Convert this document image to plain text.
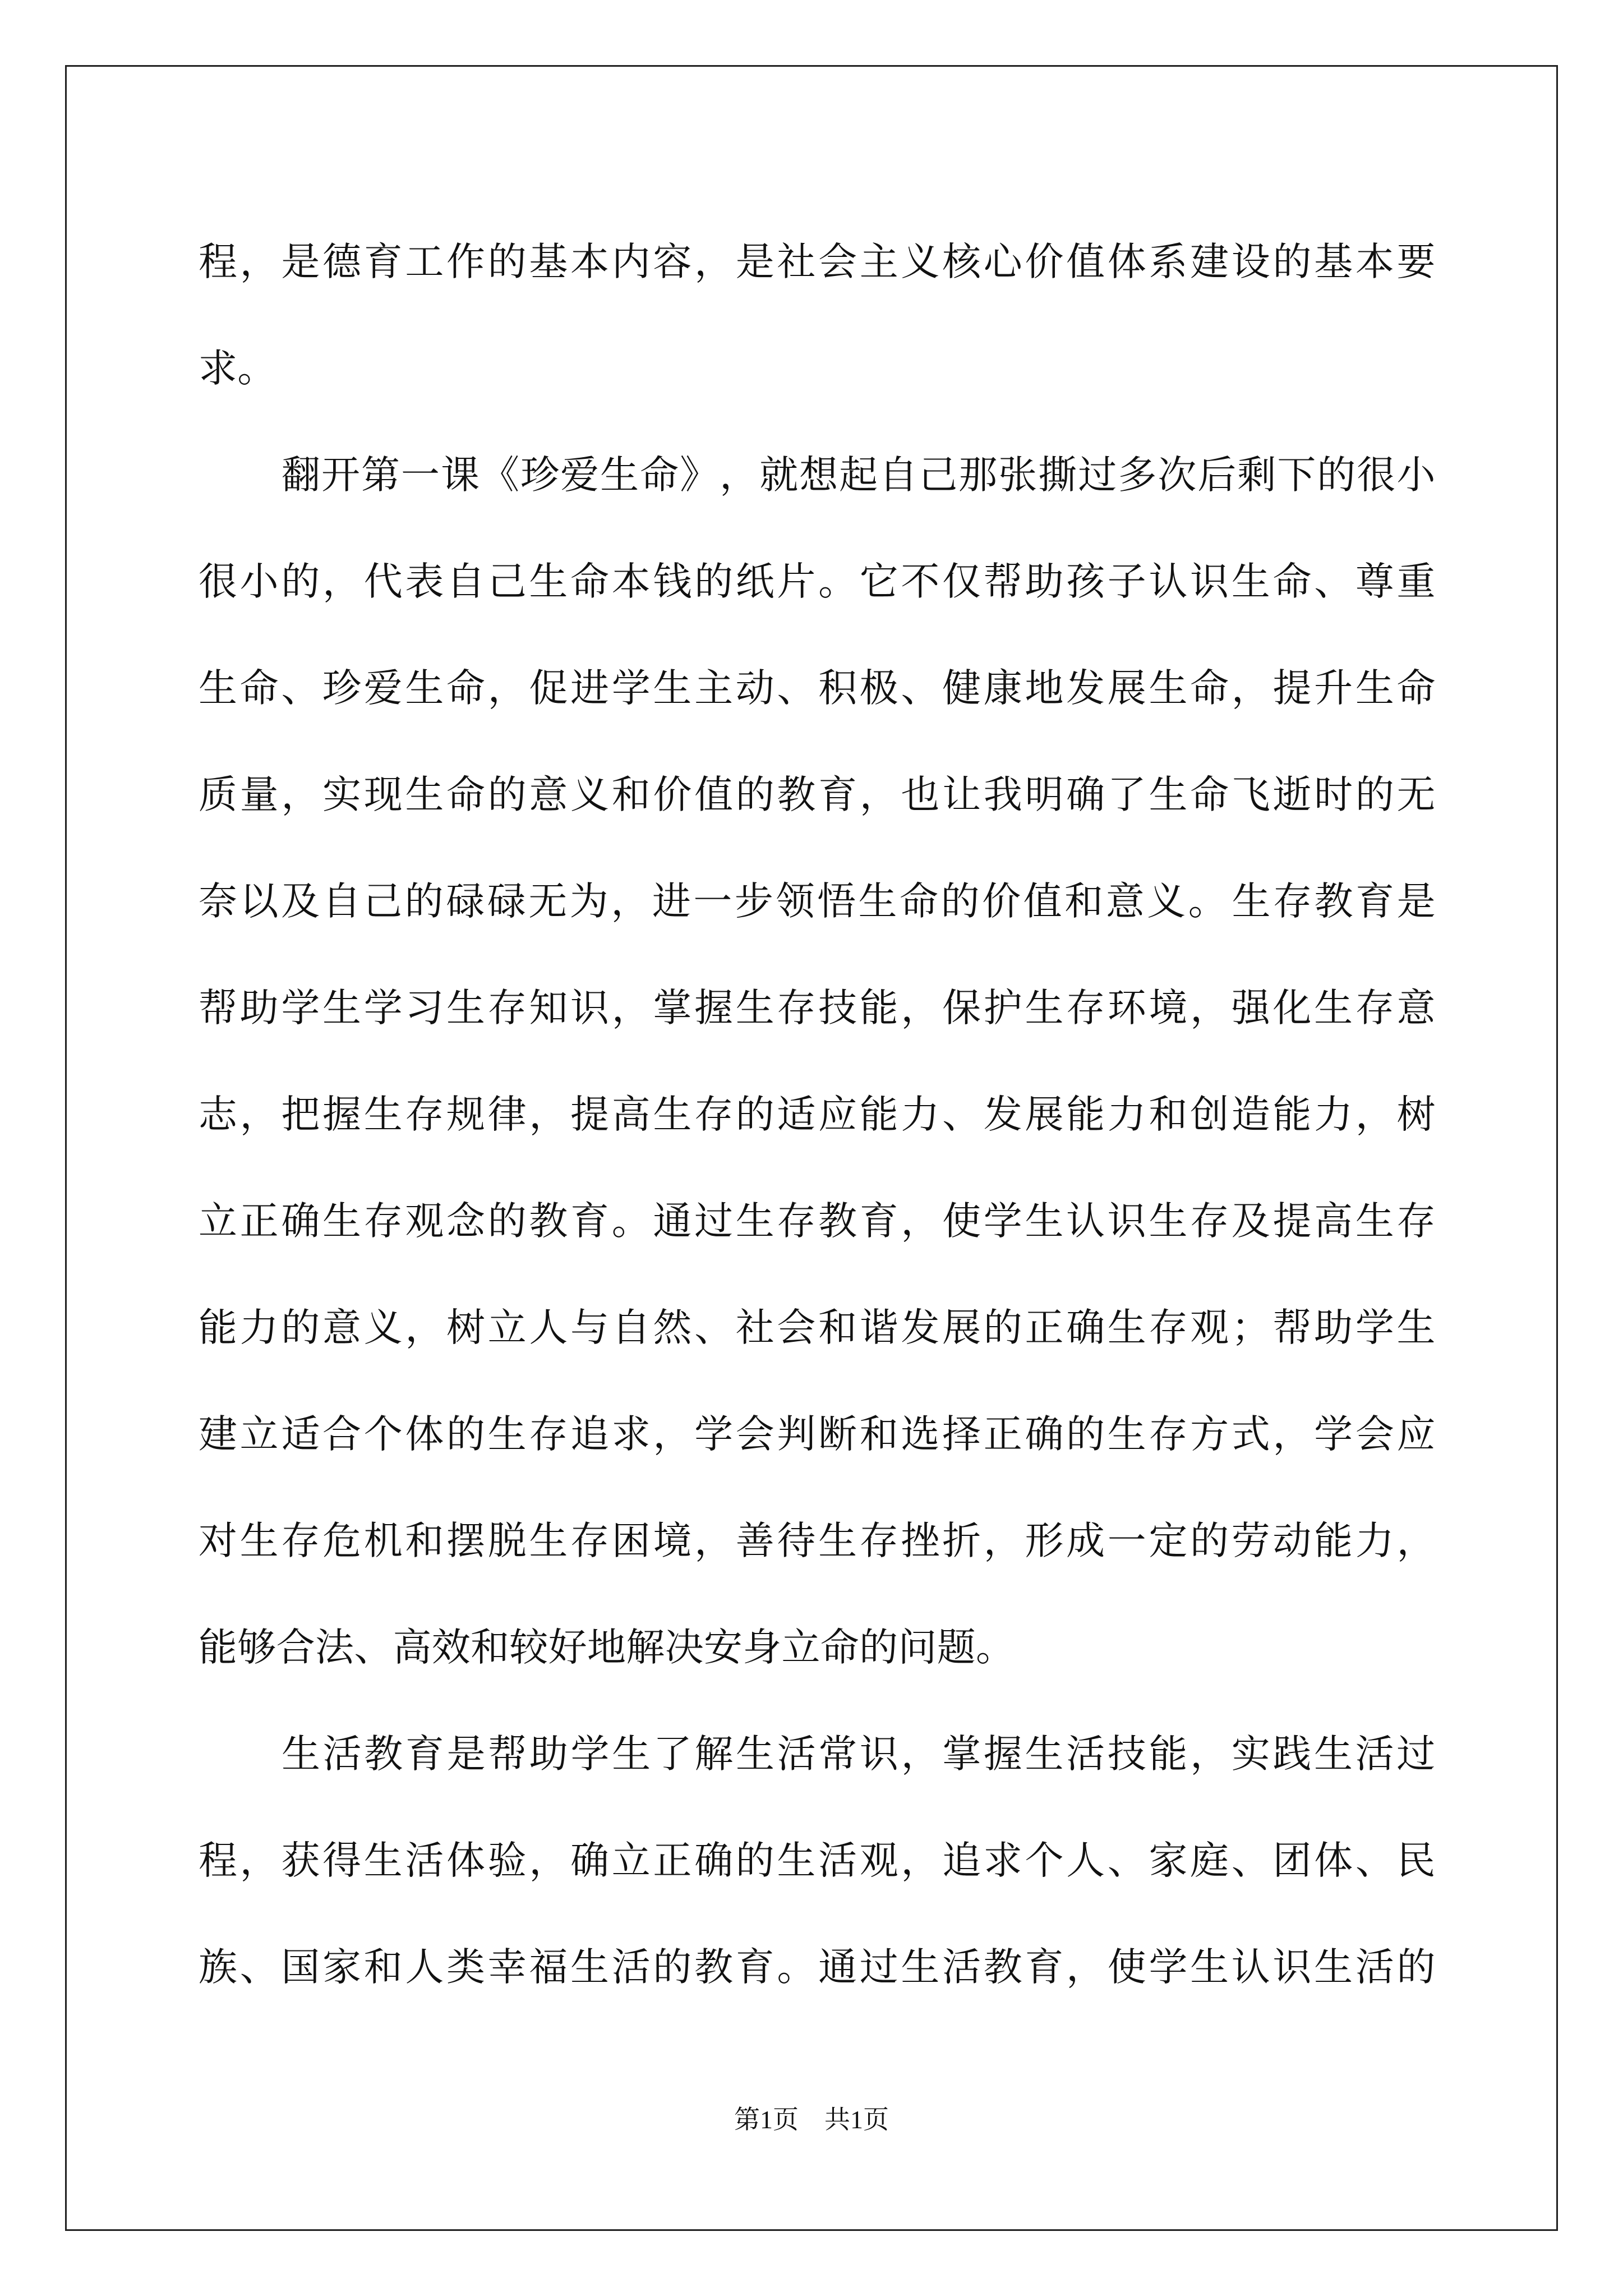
程 ， 是 德 育 工 作 的 基 本 内 容 ， 是 社 会 主 义 核 心 价 值 体 系 建 设 的 基 本 要
求。
翻 开 第 一 课 《 珍 爱 生 命 》 ， 就 想 起 自 己 那 张 撕 过 多 次 后 剩 下 的 很 小
很 小 的 ， 代 表 自 己 生 命 本 钱 的 纸 片 。 它 不 仅 帮 助 孩 子 认 识 生 命 、 尊 重
生 命 、 珍 爱 生 命 ， 促 进 学 生 主 动 、 积 极 、 健 康 地 发 展 生 命 ， 提 升 生 命
质 量 ， 实 现 生 命 的 意 义 和 价 值 的 教 育 ， 也 让 我 明 确 了 生 命 飞 逝 时 的 无
奈 以 及 自 己 的 碌 碌 无 为 ， 进 一 步 领 悟 生 命 的 价 值 和 意 义 。 生 存 教 育 是
帮 助 学 生 学 习 生 存 知 识 ， 掌 握 生 存 技 能 ， 保 护 生 存 环 境 ， 强 化 生 存 意
志 ， 把 握 生 存 规 律 ， 提 高 生 存 的 适 应 能 力 、 发 展 能 力 和 创 造 能 力 ， 树
立 正 确 生 存 观 念 的 教 育 。 通 过 生 存 教 育 ， 使 学 生 认 识 生 存 及 提 高 生 存
能 力 的 意 义 ， 树 立 人 与 自 然 、 社 会 和 谐 发 展 的 正 确 生 存 观 ； 帮 助 学 生
建 立 适 合 个 体 的 生 存 追 求 ， 学 会 判 断 和 选 择 正 确 的 生 存 方 式 ， 学 会 应
对 生 存 危 机 和 摆 脱 生 存 困 境 ， 善 待 生 存 挫 折 ， 形 成 一 定 的 劳 动 能 力 ，
能够合法、高效和较好地解决安身立命的问题。
生 活 教 育 是 帮 助 学 生 了 解 生 活 常 识 ， 掌 握 生 活 技 能 ， 实 践 生 活 过
程 ， 获 得 生 活 体 验 ， 确 立 正 确 的 生 活 观 ， 追 求 个 人 、 家 庭 、 团 体 、 民
族 、 国 家 和 人 类 幸 福 生 活 的 教 育 。 通 过 生 活 教 育 ， 使 学 生 认 识 生 活 的
第1页　共1页
